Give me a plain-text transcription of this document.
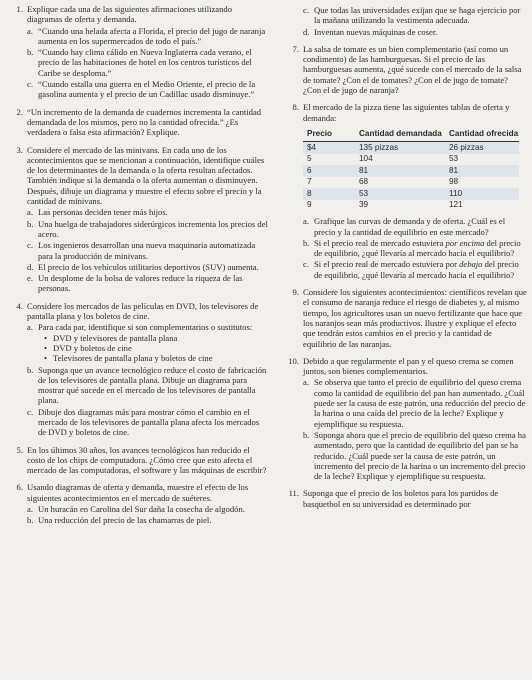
1. Explique cada una de las siguientes afirmaciones utilizando diagramas de oferta y demanda.
a. “Cuando una helada afecta a Florida, el precio del jugo de naranja aumenta en los supermercados de todo el país.”
b. “Cuando hay clima cálido en Nueva Inglaterra cada verano, el precio de las habitaciones de hotel en los centros turísticos del Caribe se desploma.”
c. “Cuando estalla una guerra en el Medio Oriente, el precio de la gasolina aumenta y el precio de un Cadillac usado disminuye.”
2. “Un incremento de la demanda de cuadernos incrementa la cantidad demandada de los mismos, pero no la cantidad ofrecida.” ¿Es verdadera o falsa esta afirmación? Explique.
3. Considere el mercado de las minivans. En cada uno de los acontecimientos que se mencionan a continuación, identifique cuáles de los determinantes de la demanda o la oferta resultan afectados. También indique si la demanda o la oferta aumentan o disminuyen. Después, dibuje un diagrama y muestre el efecto sobre el precio y la cantidad de minivans.
a. Las personas deciden tener más hijos.
b. Una huelga de trabajadores siderúrgicos incrementa los precios del acero.
c. Los ingenieros desarrollan una nueva maquinaria automatizada para la producción de minivans.
d. El precio de los vehículos utilitarios deportivos (SUV) aumenta.
e. Un desplome de la bolsa de valores reduce la riqueza de las personas.
4. Considere los mercados de las películas en DVD, los televisores de pantalla plana y los boletos de cine.
a. Para cada par, identifique si son complementarios o sustitutos:
• DVD y televisores de pantalla plana
• DVD y boletos de cine
• Televisores de pantalla plana y boletos de cine
b. Suponga que un avance tecnológico reduce el costo de fabricación de los televisores de pantalla plana. Dibuje un diagrama para mostrar qué sucede en el mercado de los televisores de pantalla plana.
c. Dibuje dos diagramas más para mostrar cómo el cambio en el mercado de los televisores de pantalla plana afecta los mercados de DVD y boletos de cine.
5. En los últimos 30 años, los avances tecnológicos han reducido el costo de los chips de computadora. ¿Cómo cree que esto afecta el mercado de las computadoras, el software y las máquinas de escribir?
6. Usando diagramas de oferta y demanda, muestre el efecto de los siguientes acontecimientos en el mercado de suéteres.
a. Un huracán en Carolina del Sur daña la cosecha de algodón.
b. Una reducción del precio de las chamarras de piel.
c. Que todas las universidades exijan que se haga ejercicio por la mañana utilizando la vestimenta adecuada.
d. Inventan nuevas máquinas de coser.
7. La salsa de tomate es un bien complementario (así como un condimento) de las hamburguesas. Si el precio de las hamburguesas aumenta, ¿qué sucede con el mercado de la salsa de tomate? ¿Con el de tomates? ¿Con el de jugo de tomate? ¿Con el de jugo de naranja?
8. El mercado de la pizza tiene las siguientes tablas de oferta y demanda:
Precio	Cantidad demandada	Cantidad ofrecida
$4	135 pizzas	26 pizzas
5	104	53
6	81	81
7	68	98
8	53	110
9	39	121
a. Grafique las curvas de demanda y de oferta. ¿Cuál es el precio y la cantidad de equilibrio en este mercado?
b. Si el precio real de mercado estuviera por encima del precio de equilibrio, ¿qué llevaría al mercado hacia el equilibrio?
c. Si el precio real de mercado estuviera por debajo del precio de equilibrio, ¿qué llevaría al mercado hacia el equilibrio?
9. Considere los siguientes acontecimientos: científicos revelan que el consumo de naranja reduce el riesgo de diabetes y, al mismo tiempo, los agricultores usan un nuevo fertilizante que hace que los naranjos sean más productivos. Ilustre y explique el efecto que tendrán estos cambios en el precio y la cantidad de equilibrio de las naranjas.
10. Debido a que regularmente el pan y el queso crema se comen juntos, son bienes complementarios.
a. Se observa que tanto el precio de equilibrio del queso crema como la cantidad de equilibrio del pan han aumentado. ¿Cuál puede ser la causa de este patrón, una reducción del precio de la harina o una caída del precio de la leche? Explique y ejemplifique su respuesta.
b. Suponga ahora que el precio de equilibrio del queso crema ha aumentado, pero que la cantidad de equilibrio del pan se ha reducido. ¿Cuál puede ser la causa de este patrón, un incremento del precio de la harina o un incremento del precio de la leche? Explique y ejemplifique su respuesta.
11. Suponga que el precio de los boletos para los partidos de basquetbol en su universidad es determinado por
